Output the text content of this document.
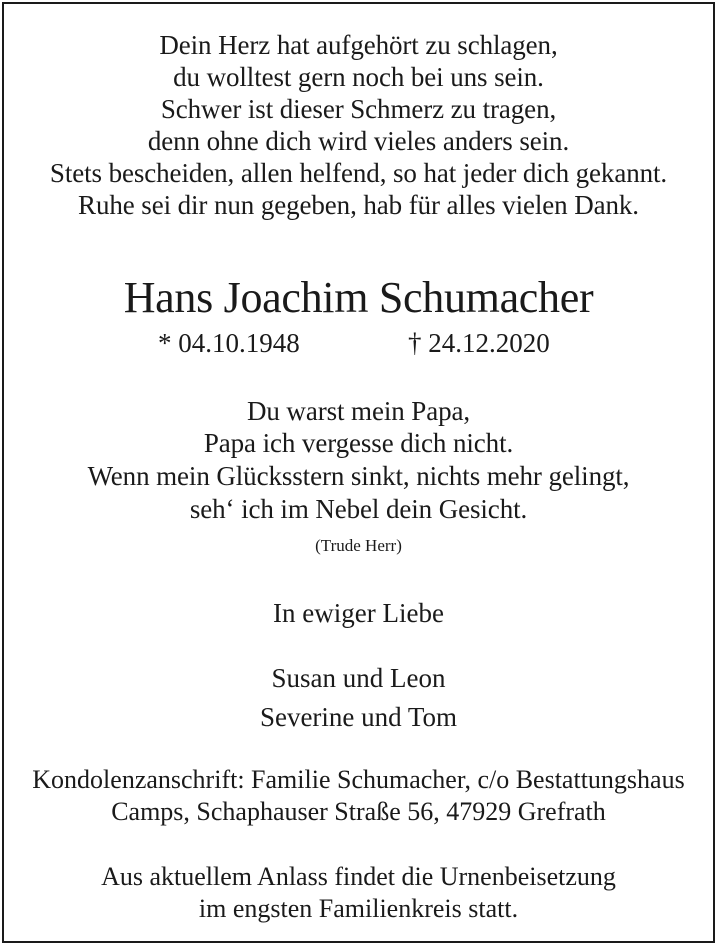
Dein Herz hat aufgehört zu schlagen,
du wolltest gern noch bei uns sein.
Schwer ist dieser Schmerz zu tragen,
denn ohne dich wird vieles anders sein.
Stets bescheiden, allen helfend, so hat jeder dich gekannt.
Ruhe sei dir nun gegeben, hab für alles vielen Dank.
Hans Joachim Schumacher
* 04.10.1948	† 24.12.2020
Du warst mein Papa,
Papa ich vergesse dich nicht.
Wenn mein Glücksstern sinkt, nichts mehr gelingt,
seh‘ ich im Nebel dein Gesicht.
(Trude Herr)
In ewiger Liebe
Susan und Leon
Severine und Tom
Kondolenzanschrift: Familie Schumacher, c/o Bestattungshaus
Camps, Schaphauser Straße 56, 47929 Grefrath
Aus aktuellem Anlass findet die Urnenbeisetzung
im engsten Familienkreis statt.
